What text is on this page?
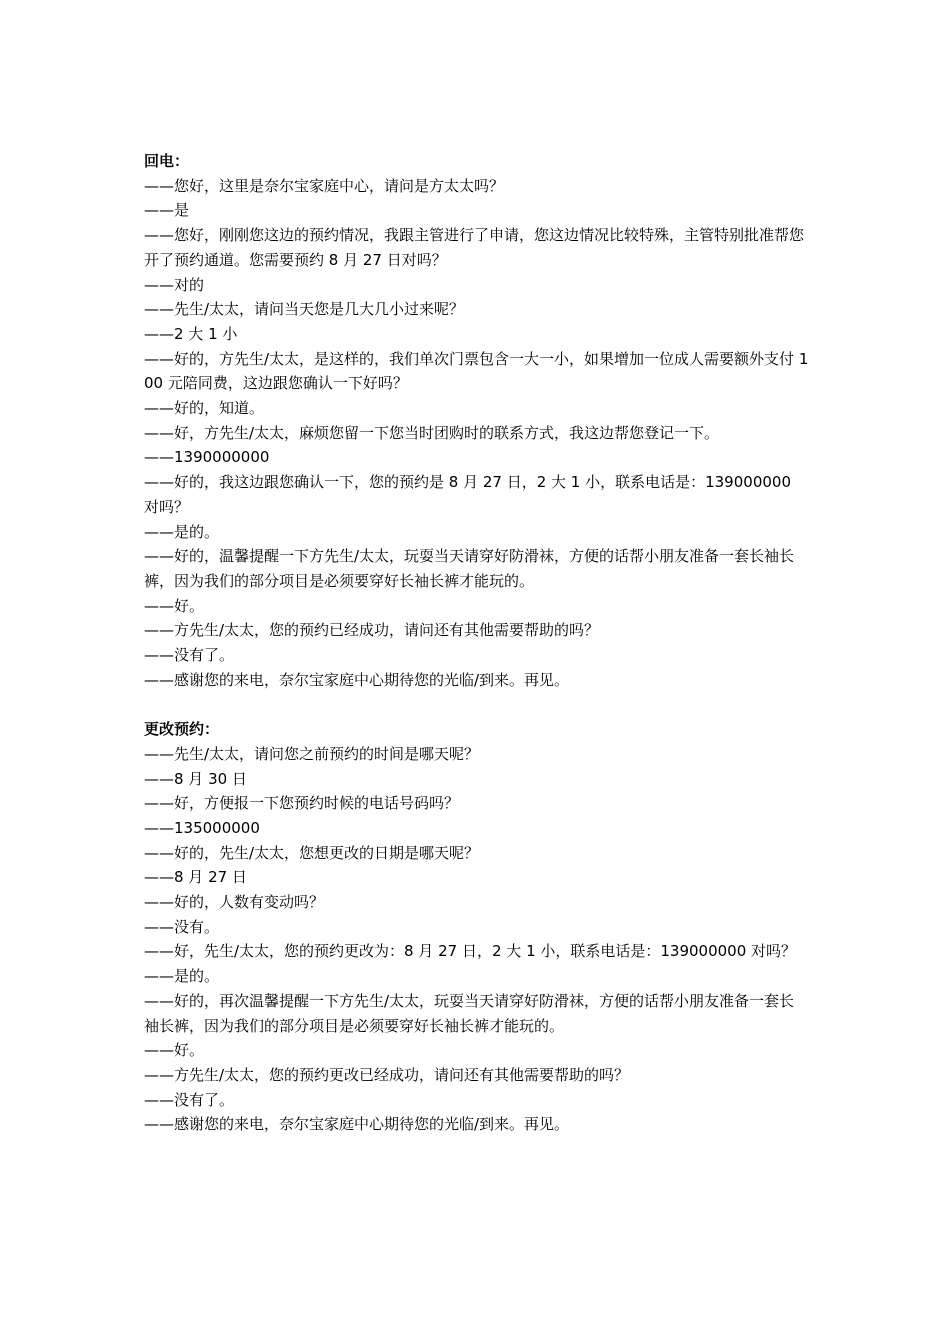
回电：
——您好，这里是奈尔宝家庭中心，请问是方太太吗？
——是
——您好，刚刚您这边的预约情况，我跟主管进行了申请，您这边情况比较特殊，主管特别批准帮您开了预约通道。您需要预约 8 月 27 日对吗？
——对的
——先生/太太，请问当天您是几大几小过来呢？
——2 大 1 小
——好的，方先生/太太，是这样的，我们单次门票包含一大一小，如果增加一位成人需要额外支付 100 元陪同费，这边跟您确认一下好吗？
——好的，知道。
——好，方先生/太太，麻烦您留一下您当时团购时的联系方式，我这边帮您登记一下。
——1390000000
——好的，我这边跟您确认一下，您的预约是 8 月 27 日，2 大 1 小，联系电话是：139000000 对吗？
——是的。
——好的，温馨提醒一下方先生/太太，玩耍当天请穿好防滑袜，方便的话帮小朋友准备一套长袖长裤，因为我们的部分项目是必须要穿好长袖长裤才能玩的。
——好。
——方先生/太太，您的预约已经成功，请问还有其他需要帮助的吗？
——没有了。
——感谢您的来电，奈尔宝家庭中心期待您的光临/到来。再见。
更改预约：
——先生/太太，请问您之前预约的时间是哪天呢？
——8 月 30 日
——好，方便报一下您预约时候的电话号码吗？
——135000000
——好的，先生/太太，您想更改的日期是哪天呢？
——8 月 27 日
——好的，人数有变动吗？
——没有。
——好，先生/太太，您的预约更改为：8 月 27 日，2 大 1 小，联系电话是：139000000 对吗？
——是的。
——好的，再次温馨提醒一下方先生/太太，玩耍当天请穿好防滑袜，方便的话帮小朋友准备一套长袖长裤，因为我们的部分项目是必须要穿好长袖长裤才能玩的。
——好。
——方先生/太太，您的预约更改已经成功，请问还有其他需要帮助的吗？
——没有了。
——感谢您的来电，奈尔宝家庭中心期待您的光临/到来。再见。
